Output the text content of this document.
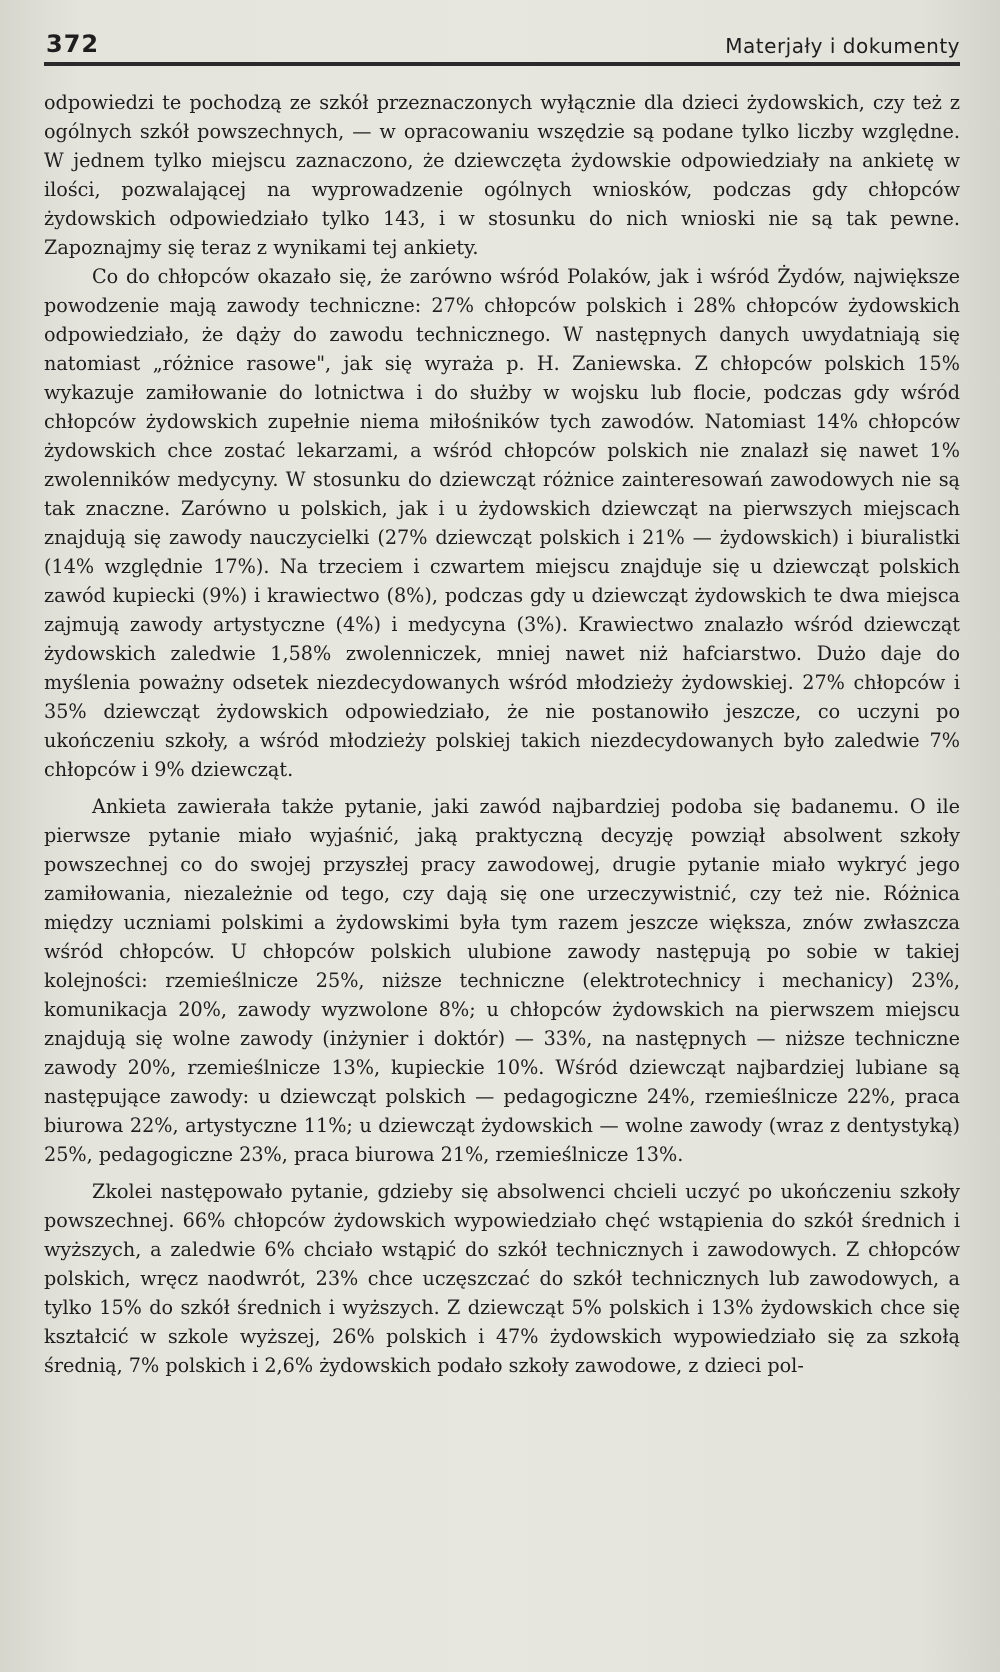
372	Materjały i dokumenty

odpowiedzi te pochodzą ze szkół przeznaczonych wyłącznie dla dzieci żydowskich, czy też z ogólnych szkół powszechnych, — w opracowaniu wszędzie są podane tylko liczby względne. W jednem tylko miejscu zaznaczono, że dziewczęta żydowskie odpowiedziały na ankietę w ilości, pozwalającej na wyprowadzenie ogólnych wniosków, podczas gdy chłopców żydowskich odpowiedziało tylko 143, i w stosunku do nich wnioski nie są tak pewne. Zapoznajmy się teraz z wynikami tej ankiety.

Co do chłopców okazało się, że zarówno wśród Polaków, jak i wśród Żydów, największe powodzenie mają zawody techniczne: 27% chłopców polskich i 28% chłopców żydowskich odpowiedziało, że dąży do zawodu technicznego. W następnych danych uwydatniają się natomiast „różnice rasowe", jak się wyraża p. H. Zaniewska. Z chłopców polskich 15% wykazuje zamiłowanie do lotnictwa i do służby w wojsku lub flocie, podczas gdy wśród chłopców żydowskich zupełnie niema miłośników tych zawodów. Natomiast 14% chłopców żydowskich chce zostać lekarzami, a wśród chłopców polskich nie znalazł się nawet 1% zwolenników medycyny. W stosunku do dziewcząt różnice zainteresowań zawodowych nie są tak znaczne. Zarówno u polskich, jak i u żydowskich dziewcząt na pierwszych miejscach znajdują się zawody nauczycielki (27% dziewcząt polskich i 21% — żydowskich) i biuralistki (14% względnie 17%). Na trzeciem i czwartem miejscu znajduje się u dziewcząt polskich zawód kupiecki (9%) i krawiectwo (8%), podczas gdy u dziewcząt żydowskich te dwa miejsca zajmują zawody artystyczne (4%) i medycyna (3%). Krawiectwo znalazło wśród dziewcząt żydowskich zaledwie 1,58% zwolenniczek, mniej nawet niż hafciarstwo. Dużo daje do myślenia poważny odsetek niezdecydowanych wśród młodzieży żydowskiej. 27% chłopców i 35% dziewcząt żydowskich odpowiedziało, że nie postanowiło jeszcze, co uczyni po ukończeniu szkoły, a wśród młodzieży polskiej takich niezdecydowanych było zaledwie 7% chłopców i 9% dziewcząt.

Ankieta zawierała także pytanie, jaki zawód najbardziej podoba się badanemu. O ile pierwsze pytanie miało wyjaśnić, jaką praktyczną decyzję powziął absolwent szkoły powszechnej co do swojej przyszłej pracy zawodowej, drugie pytanie miało wykryć jego zamiłowania, niezależnie od tego, czy dają się one urzeczywistnić, czy też nie. Różnica między uczniami polskimi a żydowskimi była tym razem jeszcze większa, znów zwłaszcza wśród chłopców. U chłopców polskich ulubione zawody następują po sobie w takiej kolejności: rzemieślnicze 25%, niższe techniczne (elektrotechnicy i mechanicy) 23%, komunikacja 20%, zawody wyzwolone 8%; u chłopców żydowskich na pierwszem miejscu znajdują się wolne zawody (inżynier i doktór) — 33%, na następnych — niższe techniczne zawody 20%, rzemieślnicze 13%, kupieckie 10%. Wśród dziewcząt najbardziej lubiane są następujące zawody: u dziewcząt polskich — pedagogiczne 24%, rzemieślnicze 22%, praca biurowa 22%, artystyczne 11%; u dziewcząt żydowskich — wolne zawody (wraz z dentystyką) 25%, pedagogiczne 23%, praca biurowa 21%, rzemieślnicze 13%.

Zkolei następowało pytanie, gdzieby się absolwenci chcieli uczyć po ukończeniu szkoły powszechnej. 66% chłopców żydowskich wypowiedziało chęć wstąpienia do szkół średnich i wyższych, a zaledwie 6% chciało wstąpić do szkół technicznych i zawodowych. Z chłopców polskich, wręcz naodwrót, 23% chce uczęszczać do szkół technicznych lub zawodowych, a tylko 15% do szkół średnich i wyższych. Z dziewcząt 5% polskich i 13% żydowskich chce się kształcić w szkole wyższej, 26% polskich i 47% żydowskich wypowiedziało się za szkołą średnią, 7% polskich i 2,6% żydowskich podało szkoły zawodowe, z dzieci pol-
